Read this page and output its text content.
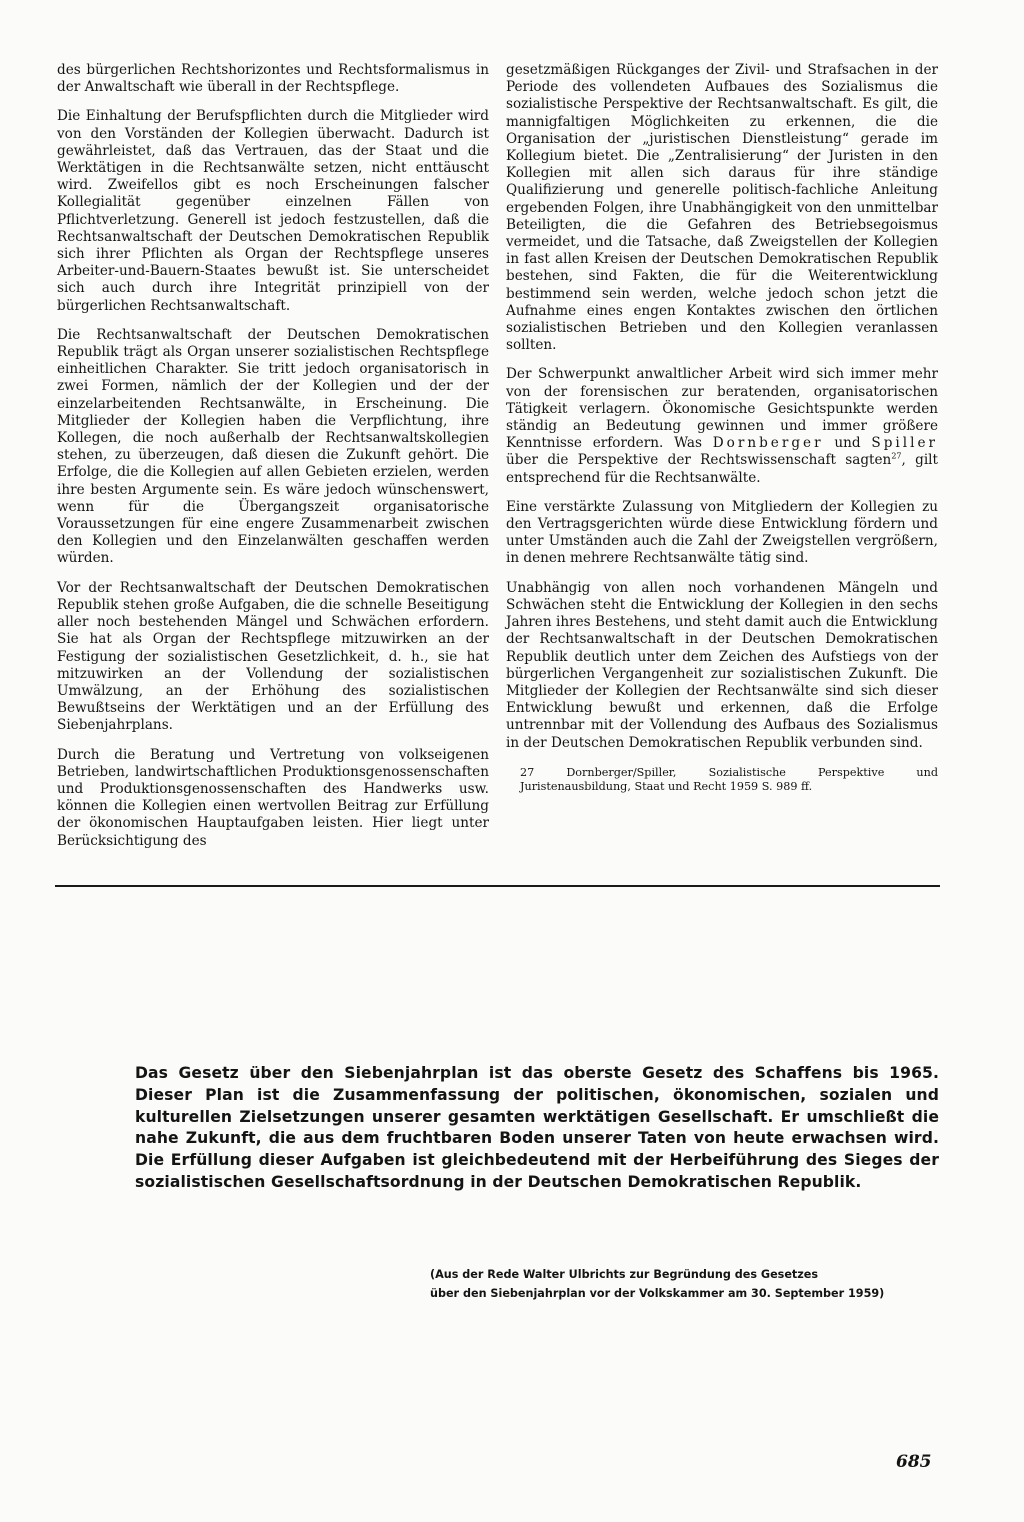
des bürgerlichen Rechtshorizontes und Rechtsformalismus in der Anwaltschaft wie überall in der Rechtspflege.

Die Einhaltung der Berufspflichten durch die Mitglieder wird von den Vorständen der Kollegien überwacht. Dadurch ist gewährleistet, daß das Vertrauen, das der Staat und die Werktätigen in die Rechtsanwälte setzen, nicht enttäuscht wird. Zweifellos gibt es noch Erscheinungen falscher Kollegialität gegenüber einzelnen Fällen von Pflichtverletzung. Generell ist jedoch festzustellen, daß die Rechtsanwaltschaft der Deutschen Demokratischen Republik sich ihrer Pflichten als Organ der Rechtspflege unseres Arbeiter-und-Bauern-Staates bewußt ist. Sie unterscheidet sich auch durch ihre Integrität prinzipiell von der bürgerlichen Rechtsanwaltschaft.

Die Rechtsanwaltschaft der Deutschen Demokratischen Republik trägt als Organ unserer sozialistischen Rechtspflege einheitlichen Charakter. Sie tritt jedoch organisatorisch in zwei Formen, nämlich der der Kollegien und der der einzelarbeitenden Rechtsanwälte, in Erscheinung. Die Mitglieder der Kollegien haben die Verpflichtung, ihre Kollegen, die noch außerhalb der Rechtsanwaltskollegien stehen, zu überzeugen, daß diesen die Zukunft gehört. Die Erfolge, die die Kollegien auf allen Gebieten erzielen, werden ihre besten Argumente sein. Es wäre jedoch wünschenswert, wenn für die Übergangszeit organisatorische Voraussetzungen für eine engere Zusammenarbeit zwischen den Kollegien und den Einzelanwälten geschaffen werden würden.

Vor der Rechtsanwaltschaft der Deutschen Demokratischen Republik stehen große Aufgaben, die die schnelle Beseitigung aller noch bestehenden Mängel und Schwächen erfordern. Sie hat als Organ der Rechtspflege mitzuwirken an der Festigung der sozialistischen Gesetzlichkeit, d. h., sie hat mitzuwirken an der Vollendung der sozialistischen Umwälzung, an der Erhöhung des sozialistischen Bewußtseins der Werktätigen und an der Erfüllung des Siebenjahrplans.

Durch die Beratung und Vertretung von volkseigenen Betrieben, landwirtschaftlichen Produktionsgenossenschaften und Produktionsgenossenschaften des Handwerks usw. können die Kollegien einen wertvollen Beitrag zur Erfüllung der ökonomischen Hauptaufgaben leisten. Hier liegt unter Berücksichtigung des

gesetzmäßigen Rückganges der Zivil- und Strafsachen in der Periode des vollendeten Aufbaues des Sozialismus die sozialistische Perspektive der Rechtsanwaltschaft. Es gilt, die mannigfaltigen Möglichkeiten zu erkennen, die die Organisation der „juristischen Dienstleistung“ gerade im Kollegium bietet. Die „Zentralisierung“ der Juristen in den Kollegien mit allen sich daraus für ihre ständige Qualifizierung und generelle politisch-fachliche Anleitung ergebenden Folgen, ihre Unabhängigkeit von den unmittelbar Beteiligten, die die Gefahren des Betriebsegoismus vermeidet, und die Tatsache, daß Zweigstellen der Kollegien in fast allen Kreisen der Deutschen Demokratischen Republik bestehen, sind Fakten, die für die Weiterentwicklung bestimmend sein werden, welche jedoch schon jetzt die Aufnahme eines engen Kontaktes zwischen den örtlichen sozialistischen Betrieben und den Kollegien veranlassen sollten.

Der Schwerpunkt anwaltlicher Arbeit wird sich immer mehr von der forensischen zur beratenden, organisatorischen Tätigkeit verlagern. Ökonomische Gesichtspunkte werden ständig an Bedeutung gewinnen und immer größere Kenntnisse erfordern. Was Dornberger und Spiller über die Perspektive der Rechtswissenschaft sagten$^{27}$, gilt entsprechend für die Rechtsanwälte.

Eine verstärkte Zulassung von Mitgliedern der Kollegien zu den Vertragsgerichten würde diese Entwicklung fördern und unter Umständen auch die Zahl der Zweigstellen vergrößern, in denen mehrere Rechtsanwälte tätig sind.

Unabhängig von allen noch vorhandenen Mängeln und Schwächen steht die Entwicklung der Kollegien in den sechs Jahren ihres Bestehens, und steht damit auch die Entwicklung der Rechtsanwaltschaft in der Deutschen Demokratischen Republik deutlich unter dem Zeichen des Aufstiegs von der bürgerlichen Vergangenheit zur sozialistischen Zukunft. Die Mitglieder der Kollegien der Rechtsanwälte sind sich dieser Entwicklung bewußt und erkennen, daß die Erfolge untrennbar mit der Vollendung des Aufbaus des Sozialismus in der Deutschen Demokratischen Republik verbunden sind.

27 Dornberger/Spiller, Sozialistische Perspektive und Juristenausbildung, Staat und Recht 1959 S. 989 ff.
Das Gesetz über den Siebenjahrplan ist das oberste Gesetz des Schaffens bis 1965. Dieser Plan ist die Zusammenfassung der politischen, ökonomischen, sozialen und kulturellen Zielsetzungen unserer gesamten werktätigen Gesellschaft. Er umschließt die nahe Zukunft, die aus dem fruchtbaren Boden unserer Taten von heute erwachsen wird. Die Erfüllung dieser Aufgaben ist gleichbedeutend mit der Herbeiführung des Sieges der sozialistischen Gesellschaftsordnung in der Deutschen Demokratischen Republik.
(Aus der Rede Walter Ulbrichts zur Begründung des Gesetzes
über den Siebenjahrplan vor der Volkskammer am 30. September 1959)
685
